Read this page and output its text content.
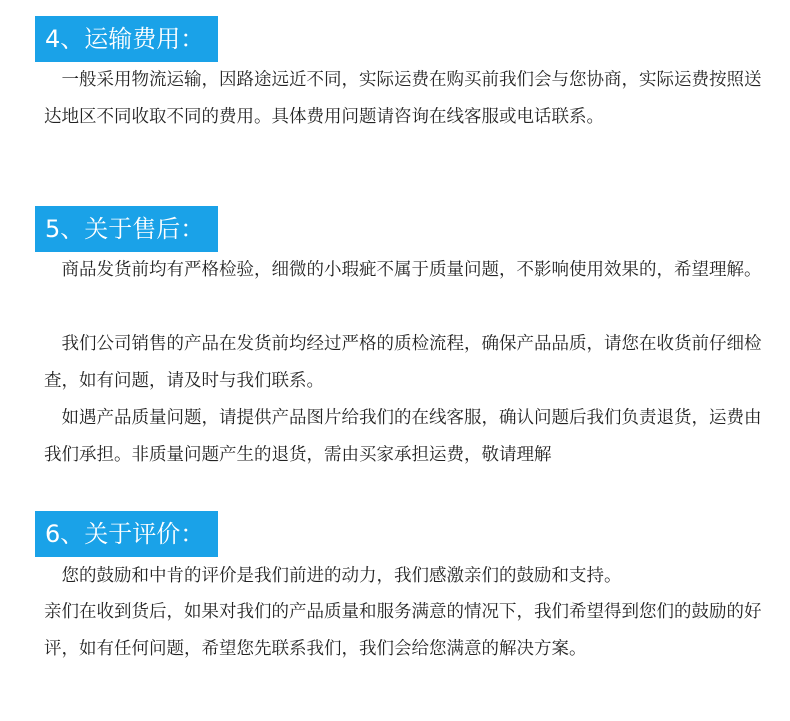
4、运输费用：

　一般采用物流运输，因路途远近不同，实际运费在购买前我们会与您协商，实际运费按照送达地区不同收取不同的费用。具体费用问题请咨询在线客服或电话联系。

5、关于售后：

　商品发货前均有严格检验，细微的小瑕疵不属于质量问题，不影响使用效果的，希望理解。

　我们公司销售的产品在发货前均经过严格的质检流程，确保产品品质，请您在收货前仔细检查，如有问题，请及时与我们联系。

　如遇产品质量问题，请提供产品图片给我们的在线客服，确认问题后我们负责退货，运费由我们承担。非质量问题产生的退货，需由买家承担运费，敬请理解

6、关于评价：

　您的鼓励和中肯的评价是我们前进的动力，我们感激亲们的鼓励和支持。

亲们在收到货后，如果对我们的产品质量和服务满意的情况下，我们希望得到您们的鼓励的好评，如有任何问题，希望您先联系我们，我们会给您满意的解决方案。
